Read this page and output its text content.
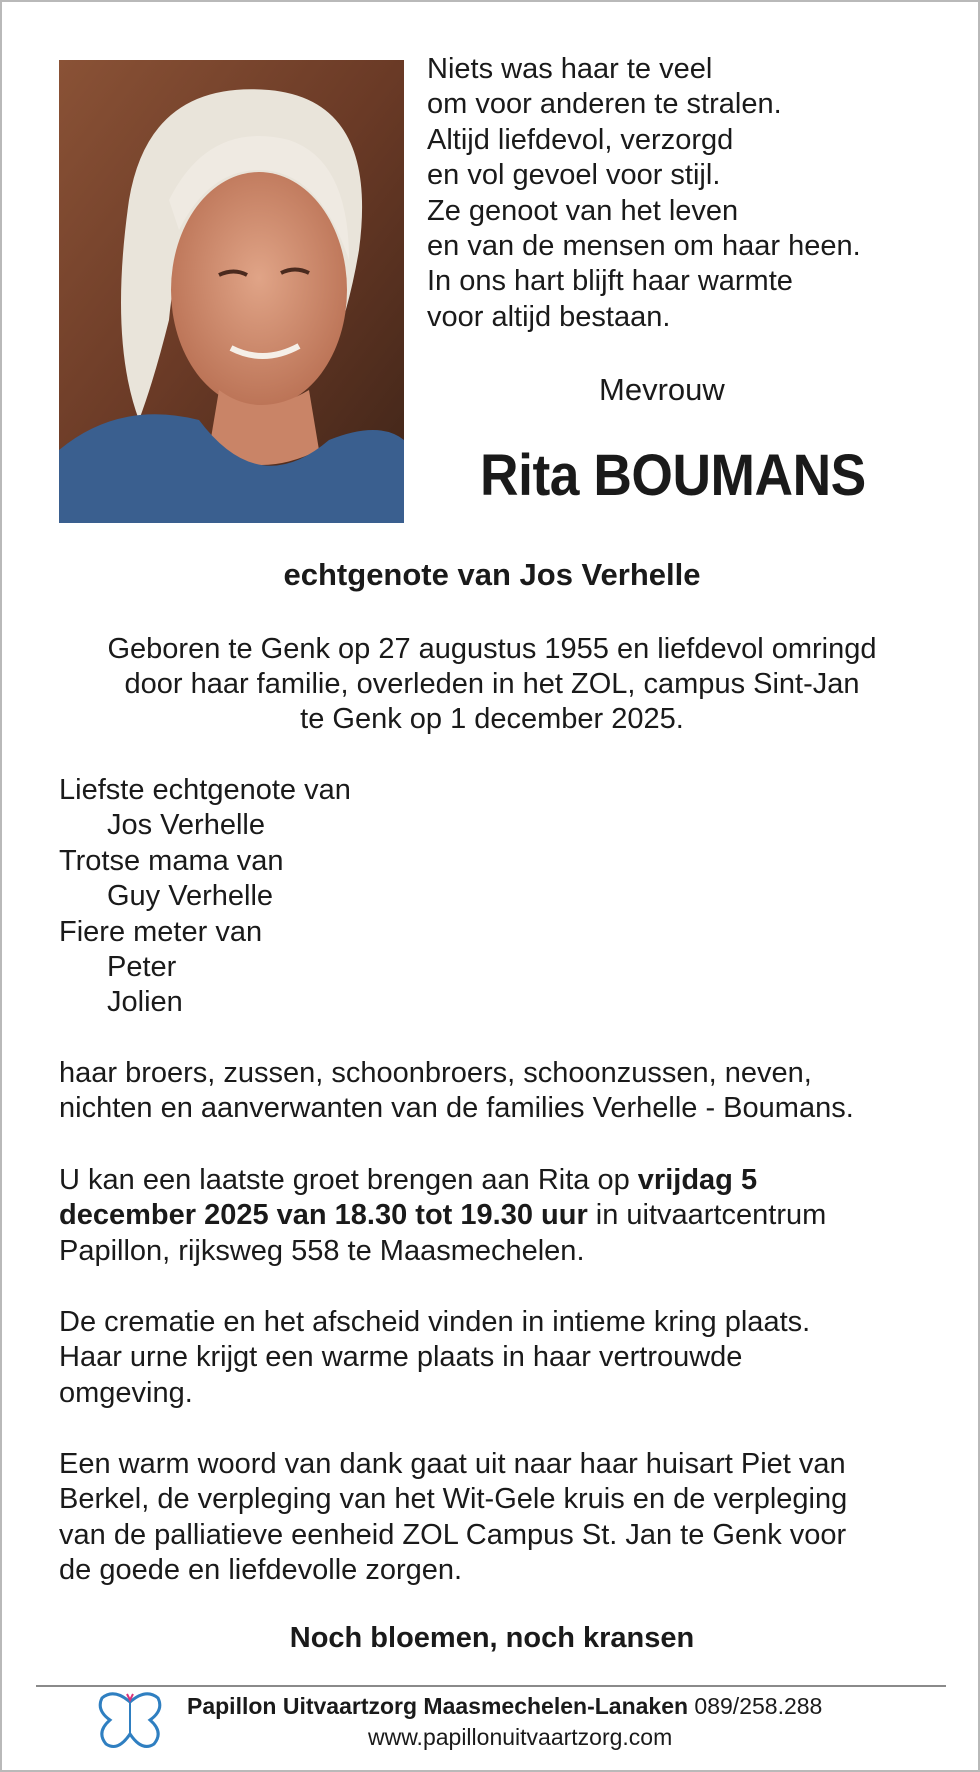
Niets was haar te veel
om voor anderen te stralen.
Altijd liefdevol, verzorgd
en vol gevoel voor stijl.
Ze genoot van het leven
en van de mensen om haar heen.
In ons hart blijft haar warmte
voor altijd bestaan.
Mevrouw
Rita BOUMANS
echtgenote van Jos Verhelle
Geboren te Genk op 27 augustus 1955 en liefdevol omringd
door haar familie, overleden in het ZOL, campus Sint-Jan
te Genk op 1 december 2025.
Liefste echtgenote van
Jos Verhelle
Trotse mama van
Guy Verhelle
Fiere meter van
Peter
Jolien
haar broers, zussen, schoonbroers, schoonzussen, neven,
nichten en aanverwanten van de families Verhelle - Boumans.
U kan een laatste groet brengen aan Rita op vrijdag 5
december 2025 van 18.30 tot 19.30 uur in uitvaartcentrum
Papillon, rijksweg 558 te Maasmechelen.
De crematie en het afscheid vinden in intieme kring plaats.
Haar urne krijgt een warme plaats in haar vertrouwde
omgeving.
Een warm woord van dank gaat uit naar haar huisart Piet van
Berkel, de verpleging van het Wit-Gele kruis en de verpleging
van de palliatieve eenheid ZOL Campus St. Jan te Genk voor
de goede en liefdevolle zorgen.
Noch bloemen, noch kransen
Papillon Uitvaartzorg Maasmechelen-Lanaken 089/258.288
www.papillonuitvaartzorg.com
